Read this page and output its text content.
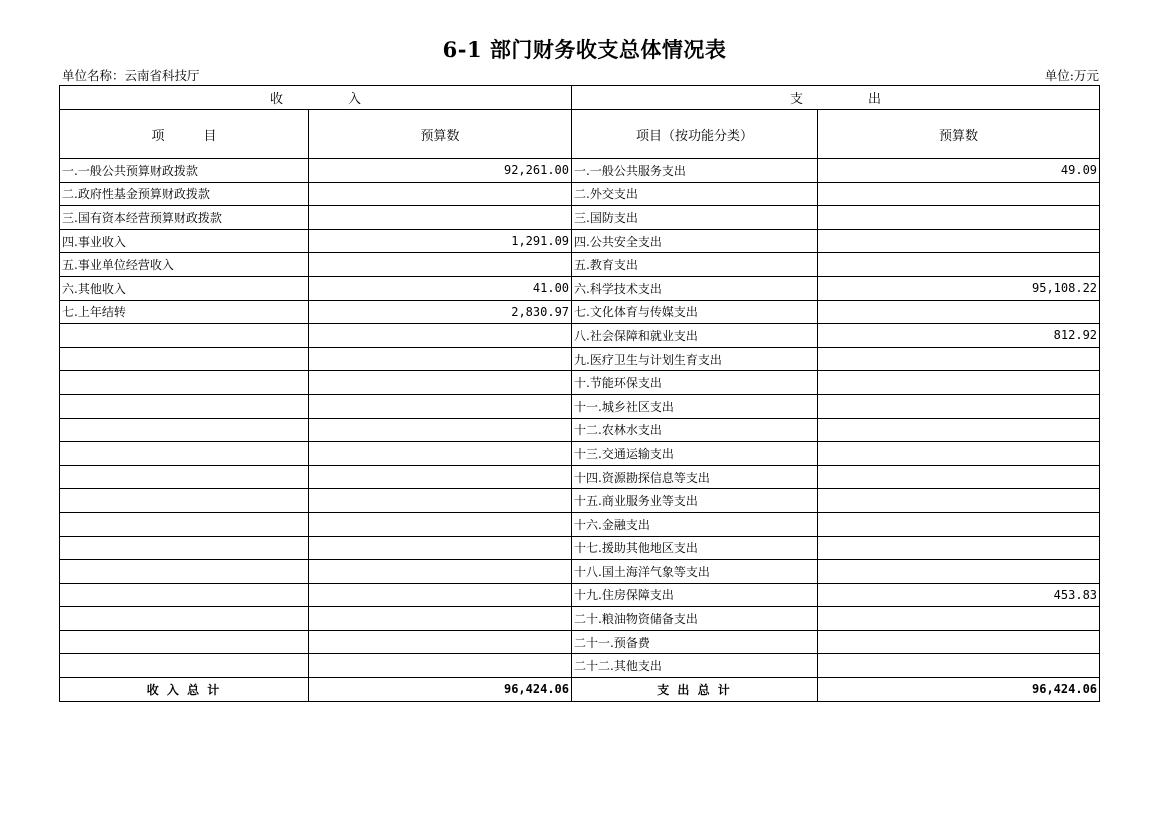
6-1 部门财务收支总体情况表
单位名称：云南省科技厅	单位:万元
收　　　　　入		支　　　　　出	
项　　　目	预算数	项目（按功能分类）	预算数
一.一般公共预算财政拨款	92,261.00	一.一般公共服务支出	49.09
二.政府性基金预算财政拨款		二.外交支出	
三.国有资本经营预算财政拨款		三.国防支出	
四.事业收入	1,291.09	四.公共安全支出	
五.事业单位经营收入		五.教育支出	
六.其他收入	41.00	六.科学技术支出	95,108.22
七.上年结转	2,830.97	七.文化体育与传媒支出	
		八.社会保障和就业支出	812.92
		九.医疗卫生与计划生育支出	
		十.节能环保支出	
		十一.城乡社区支出	
		十二.农林水支出	
		十三.交通运输支出	
		十四.资源勘探信息等支出	
		十五.商业服务业等支出	
		十六.金融支出	
		十七.援助其他地区支出	
		十八.国土海洋气象等支出	
		十九.住房保障支出	453.83
		二十.粮油物资储备支出	
		二十一.预备费	
		二十二.其他支出	
收 入 总 计	96,424.06	支 出 总 计	96,424.06
